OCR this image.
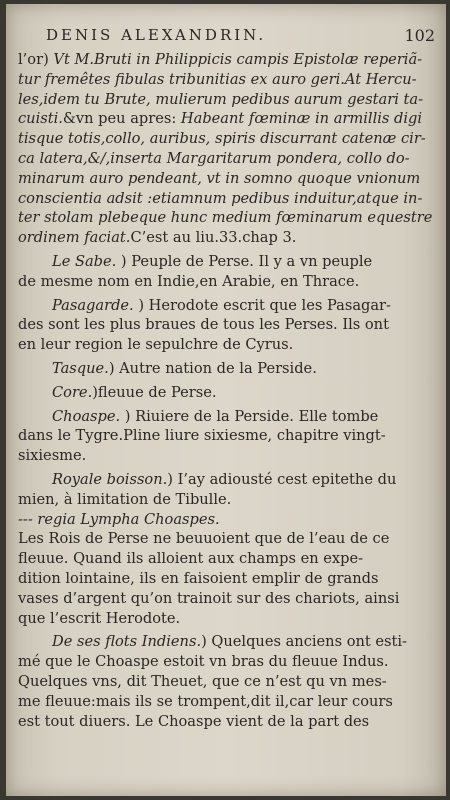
DENIS ALEXANDRIN.	102
l’or) Vt M.Bruti in Philippicis campis Epistolæ reperiã-
tur fremêtes fibulas tribunitias ex auro geri.At Hercu-
les,idem tu Brute, mulierum pedibus aurum gestari ta-
cuisti.&vn peu apres: Habeant fœminæ in armillis digi
tisque totis,collo, auribus, spiris discurrant catenæ cir-
ca latera,&/,inserta Margaritarum pondera, collo do-
minarum auro pendeant, vt in somno quoque vnionum
conscientia adsit :etiamnum pedibus induitur,atque in-
ter stolam plebeque hunc medium fœminarum equestre
ordinem faciat.C’est au liu.33.chap 3.
Le Sabe. ) Peuple de Perse. Il y a vn peuple
de mesme nom en Indie,en Arabie, en Thrace.
Pasagarde. ) Herodote escrit que les Pasagar-
des sont les plus braues de tous les Perses. Ils ont
en leur region le sepulchre de Cyrus.
Tasque.) Autre nation de la Perside.
Core.)fleuue de Perse.
Choaspe. ) Riuiere de la Perside. Elle tombe
dans le Tygre.Pline liure sixiesme, chapitre vingt-
sixiesme.
Royale boisson.) I’ay adiousté cest epitethe du
mien, à limitation de Tibulle.
--- regia Lympha Choaspes.
Les Rois de Perse ne beuuoient que de l’eau de ce
fleuue. Quand ils alloient aux champs en expe-
dition lointaine, ils en faisoient emplir de grands
vases d’argent qu’on trainoit sur des chariots, ainsi
que l’escrit Herodote.
De ses flots Indiens.) Quelques anciens ont esti-
mé que le Choaspe estoit vn bras du fleuue Indus.
Quelques vns, dit Theuet, que ce n’est qu vn mes-
me fleuue:mais ils se trompent,dit il,car leur cours
est tout diuers. Le Choaspe vient de la part des
